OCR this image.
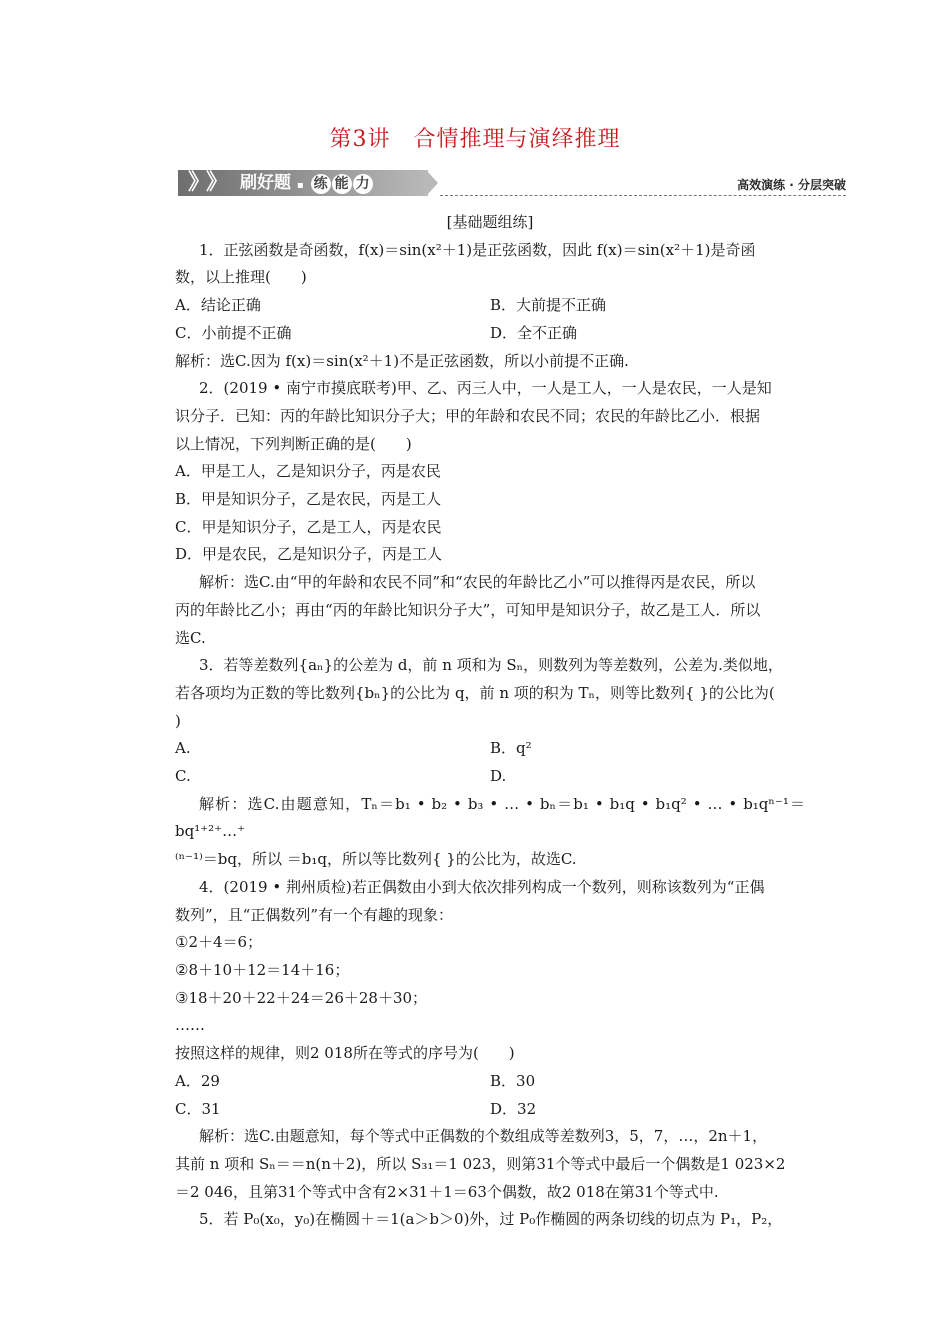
第3讲　合情推理与演绎推理
》
》 刷好题 ▪ 练 能 力	高效演练 · 分层突破

[基础题组练]

1．正弦函数是奇函数，f(x)＝sin(x²＋1)是正弦函数，因此 f(x)＝sin(x²＋1)是奇函

数，以上推理(　　)

A．结论正确	B．大前提不正确
C．小前提不正确	D．全不正确

解析：选C.因为 f(x)＝sin(x²＋1)不是正弦函数，所以小前提不正确.

2．(2019 • 南宁市摸底联考)甲、乙、丙三人中，一人是工人，一人是农民，一人是知

识分子．已知：丙的年龄比知识分子大；甲的年龄和农民不同；农民的年龄比乙小．根据

以上情况，下列判断正确的是(　　)

A．甲是工人，乙是知识分子，丙是农民

B．甲是知识分子，乙是农民，丙是工人

C．甲是知识分子，乙是工人，丙是农民

D．甲是农民，乙是知识分子，丙是工人

解析：选C.由“甲的年龄和农民不同”和“农民的年龄比乙小”可以推得丙是农民，所以

丙的年龄比乙小；再由“丙的年龄比知识分子大”，可知甲是知识分子，故乙是工人．所以

选C.

3．若等差数列{aₙ}的公差为 d，前 n 项和为 Sₙ，则数列为等差数列，公差为.类似地，

若各项均为正数的等比数列{bₙ}的公比为 q，前 n 项的积为 Tₙ，则等比数列{ }的公比为(

)

A.	B．q²
C.	D.

解析：选C.由题意知，Tₙ＝b₁ • b₂ • b₃ • … • bₙ＝b₁ • b₁q • b₁q² • … • b₁qⁿ⁻¹＝bq¹⁺²⁺…⁺

⁽ⁿ⁻¹⁾＝bq，所以 ＝b₁q，所以等比数列{ }的公比为，故选C.

4．(2019 • 荆州质检)若正偶数由小到大依次排列构成一个数列，则称该数列为“正偶

数列”，且“正偶数列”有一个有趣的现象：

①2＋4＝6；

②8＋10＋12＝14＋16；

③18＋20＋22＋24＝26＋28＋30；

……

按照这样的规律，则2 018所在等式的序号为(　　)

A．29	B．30
C．31	D．32

解析：选C.由题意知，每个等式中正偶数的个数组成等差数列3，5，7，…，2n＋1，

其前 n 项和 Sₙ＝＝n(n＋2)，所以 S₃₁＝1 023，则第31个等式中最后一个偶数是1 023×2

＝2 046，且第31个等式中含有2×31＋1＝63个偶数，故2 018在第31个等式中.

5．若 P₀(x₀，y₀)在椭圆＋＝1(a＞b＞0)外，过 P₀作椭圆的两条切线的切点为 P₁，P₂，
